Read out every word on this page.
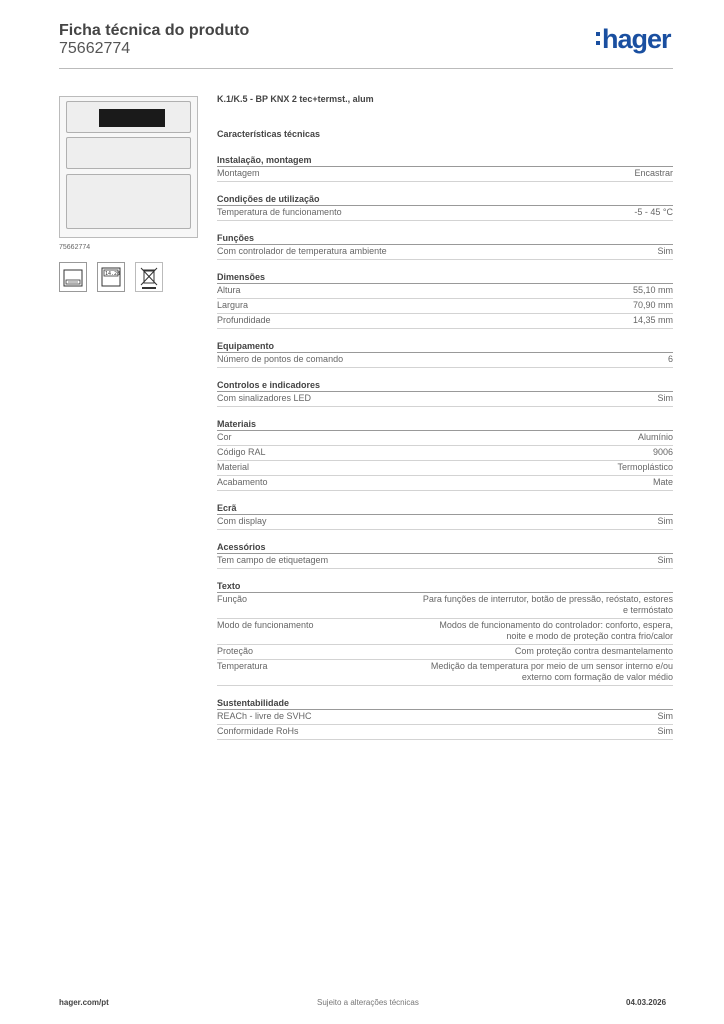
Ficha técnica do produto
75662774	hager
75662774
14.28
K.1/K.5 - BP KNX 2 tec+termst., alum
Características técnicas
Instalação, montagem
Montagem	Encastrar
Condições de utilização
Temperatura de funcionamento	-5 - 45 °C
Funções
Com controlador de temperatura ambiente	Sim
Dimensões
Altura	55,10 mm
Largura	70,90 mm
Profundidade	14,35 mm
Equipamento
Número de pontos de comando	6
Controlos e indicadores
Com sinalizadores LED	Sim
Materiais
Cor	Alumínio
Código RAL	9006
Material	Termoplástico
Acabamento	Mate
Ecrã
Com display	Sim
Acessórios
Tem campo de etiquetagem	Sim
Texto
Função	Para funções de interrutor, botão de pressão, reóstato, estores
e termóstato
Modo de funcionamento	Modos de funcionamento do controlador: conforto, espera,
noite e modo de proteção contra frio/calor
Proteção	Com proteção contra desmantelamento
Temperatura	Medição da temperatura por meio de um sensor interno e/ou
externo com formação de valor médio
Sustentabilidade
REACh - livre de SVHC	Sim
Conformidade RoHs	Sim
hager.com/pt	Sujeito a alterações técnicas	04.03.2026
